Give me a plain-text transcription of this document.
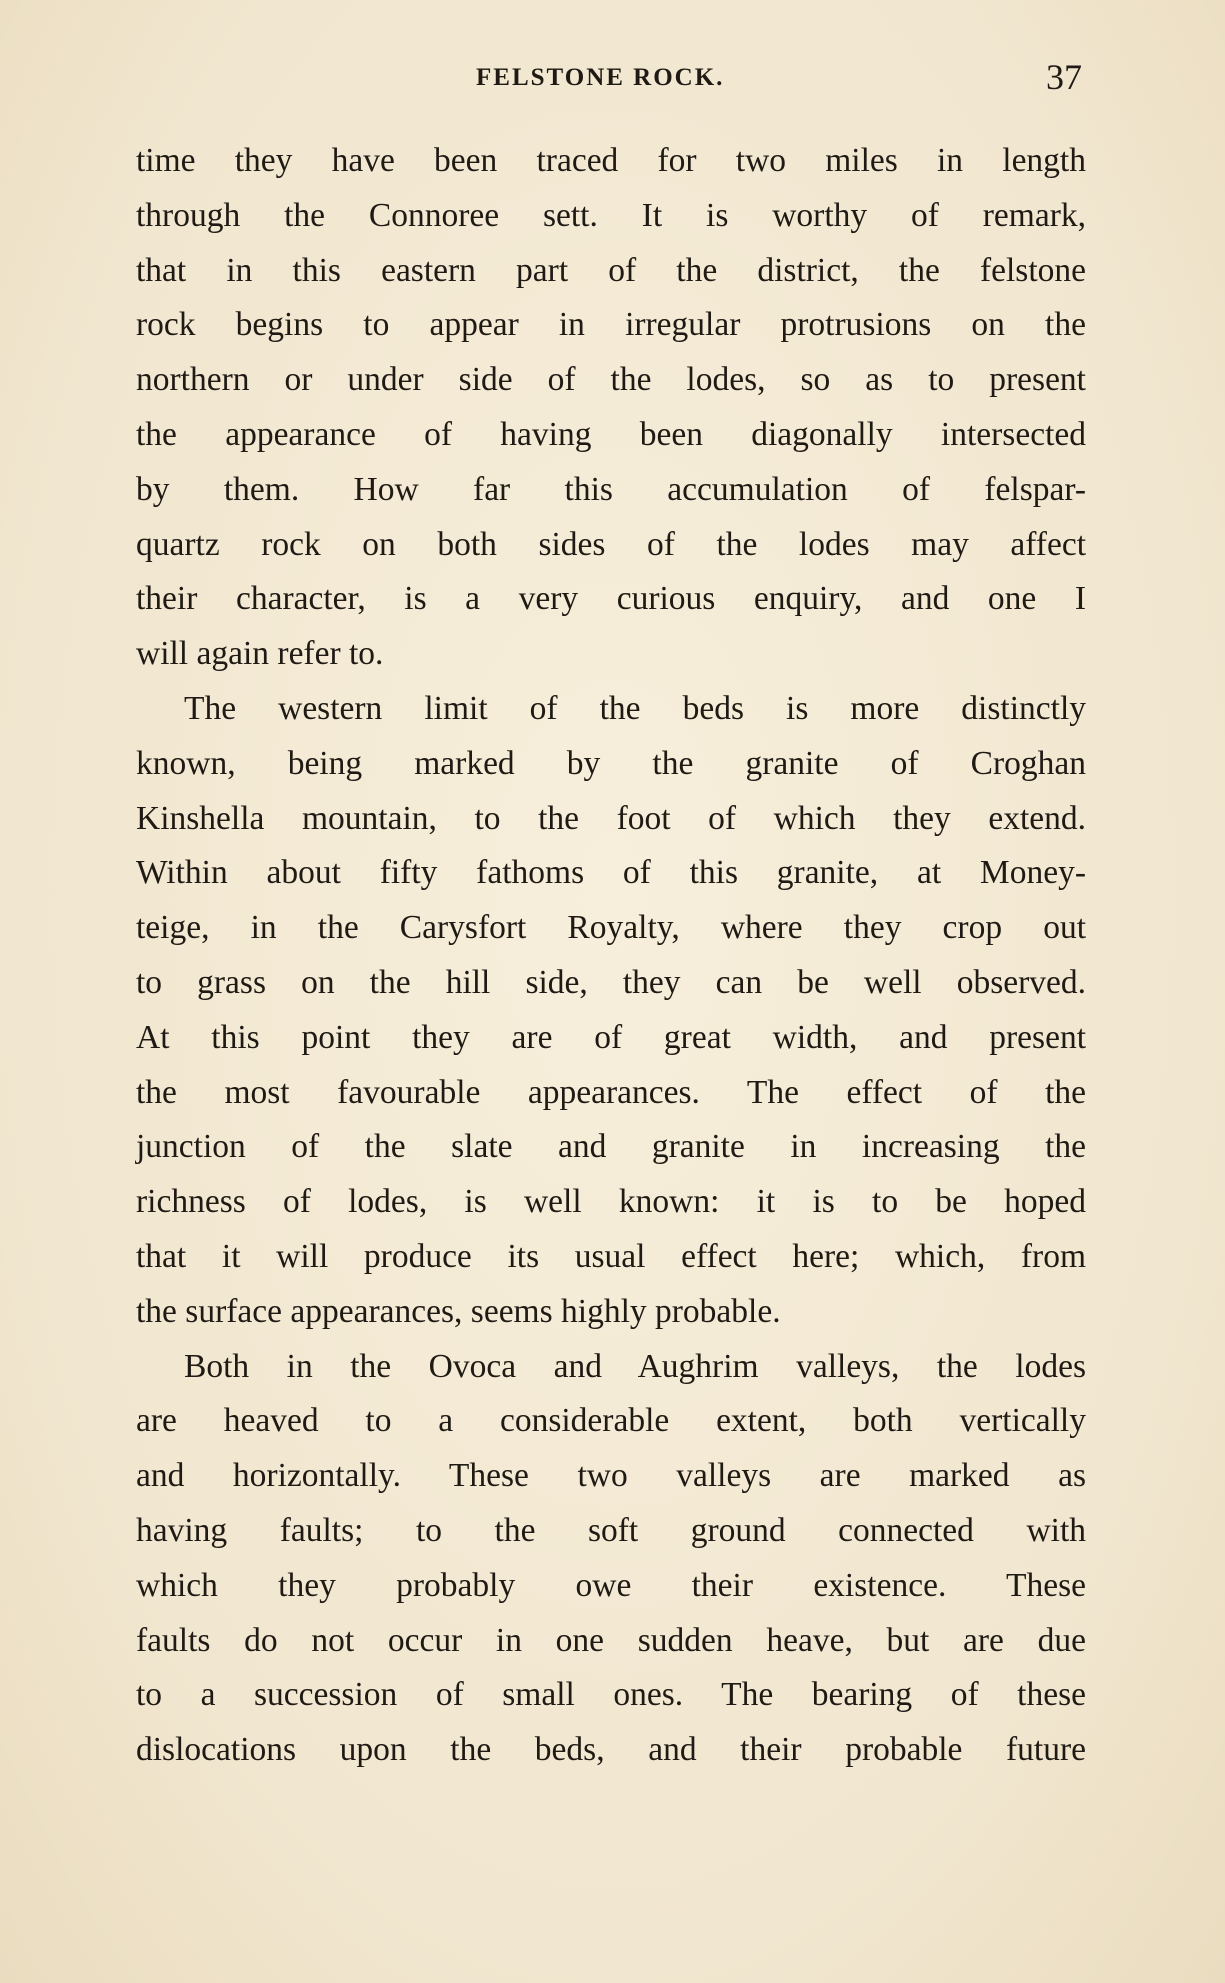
FELSTONE ROCK.	37
time they have been traced for two miles in length
through the Connoree sett. It is worthy of remark,
that in this eastern part of the district, the felstone
rock begins to appear in irregular protrusions on the
northern or under side of the lodes, so as to present
the appearance of having been diagonally intersected
by them. How far this accumulation of felspar-
quartz rock on both sides of the lodes may affect
their character, is a very curious enquiry, and one I
will again refer to.
The western limit of the beds is more distinctly
known, being marked by the granite of Croghan
Kinshella mountain, to the foot of which they extend.
Within about fifty fathoms of this granite, at Money-
teige, in the Carysfort Royalty, where they crop out
to grass on the hill side, they can be well observed.
At this point they are of great width, and present
the most favourable appearances. The effect of the
junction of the slate and granite in increasing the
richness of lodes, is well known: it is to be hoped
that it will produce its usual effect here; which, from
the surface appearances, seems highly probable.
Both in the Ovoca and Aughrim valleys, the lodes
are heaved to a considerable extent, both vertically
and horizontally. These two valleys are marked as
having faults; to the soft ground connected with
which they probably owe their existence. These
faults do not occur in one sudden heave, but are due
to a succession of small ones. The bearing of these
dislocations upon the beds, and their probable future
